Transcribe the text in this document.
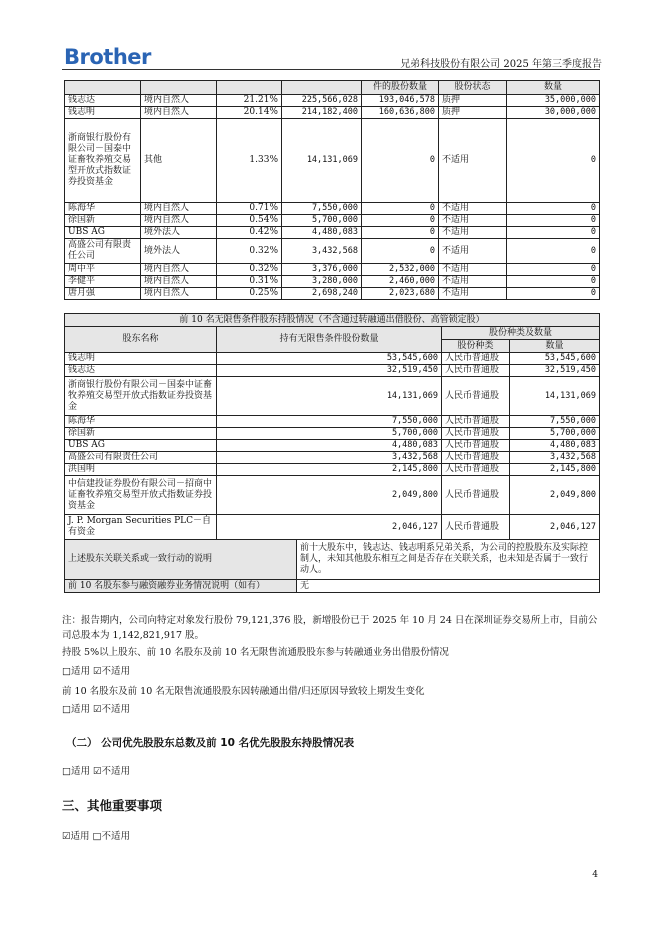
Brother	兄弟科技股份有限公司 2025 年第三季度报告
				件的股份数量	股份状态	数量
钱志达	境内自然人	21.21%	225,566,028	193,046,578	质押	35,000,000
钱志明	境内自然人	20.14%	214,182,400	160,636,800	质押	30,000,000
浙商银行股份有限公司－国泰中证畜牧养殖交易型开放式指数证券投资基金	其他	1.33%	14,131,069	0	不适用	0
陈海华	境内自然人	0.71%	7,550,000	0	不适用	0
徐国新	境内自然人	0.54%	5,700,000	0	不适用	0
UBS AG	境外法人	0.42%	4,480,083	0	不适用	0
高盛公司有限责任公司	境外法人	0.32%	3,432,568	0	不适用	0
周中平	境内自然人	0.32%	3,376,000	2,532,000	不适用	0
李健平	境内自然人	0.31%	3,280,000	2,460,000	不适用	0
唐月强	境内自然人	0.25%	2,698,240	2,023,680	不适用	0
前 10 名无限售条件股东持股情况（不含通过转融通出借股份、高管锁定股）				
股东名称	持有无限售条件股份数量		股份种类及数量	
			股份种类	数量
钱志明	53,545,600		人民币普通股	53,545,600
钱志达	32,519,450		人民币普通股	32,519,450
浙商银行股份有限公司－国泰中证畜牧养殖交易型开放式指数证券投资基金	14,131,069		人民币普通股	14,131,069
陈海华	7,550,000		人民币普通股	7,550,000
徐国新	5,700,000		人民币普通股	5,700,000
UBS AG	4,480,083		人民币普通股	4,480,083
高盛公司有限责任公司	3,432,568		人民币普通股	3,432,568
洪国明	2,145,800		人民币普通股	2,145,800
中信建投证券股份有限公司－招商中证畜牧养殖交易型开放式指数证券投资基金	2,049,800		人民币普通股	2,049,800
J. P. Morgan Securities PLC－自有资金	2,046,127		人民币普通股	2,046,127
上述股东关联关系或一致行动的说明		前十大股东中，钱志达、钱志明系兄弟关系，为公司的控股股东及实际控制人，未知其他股东相互之间是否存在关联关系，也未知是否属于一致行动人。		
前 10 名股东参与融资融券业务情况说明（如有）		无		
注：报告期内，公司向特定对象发行股份 79,121,376 股，新增股份已于 2025 年 10 月 24 日在深圳证券交易所上市，目前公司总股本为 1,142,821,917 股。
持股 5%以上股东、前 10 名股东及前 10 名无限售流通股股东参与转融通业务出借股份情况
□适用 ☑不适用
前 10 名股东及前 10 名无限售流通股股东因转融通出借/归还原因导致较上期发生变化
□适用 ☑不适用
（二） 公司优先股股东总数及前 10 名优先股股东持股情况表
□适用 ☑不适用
三、其他重要事项
☑适用 □不适用
4
